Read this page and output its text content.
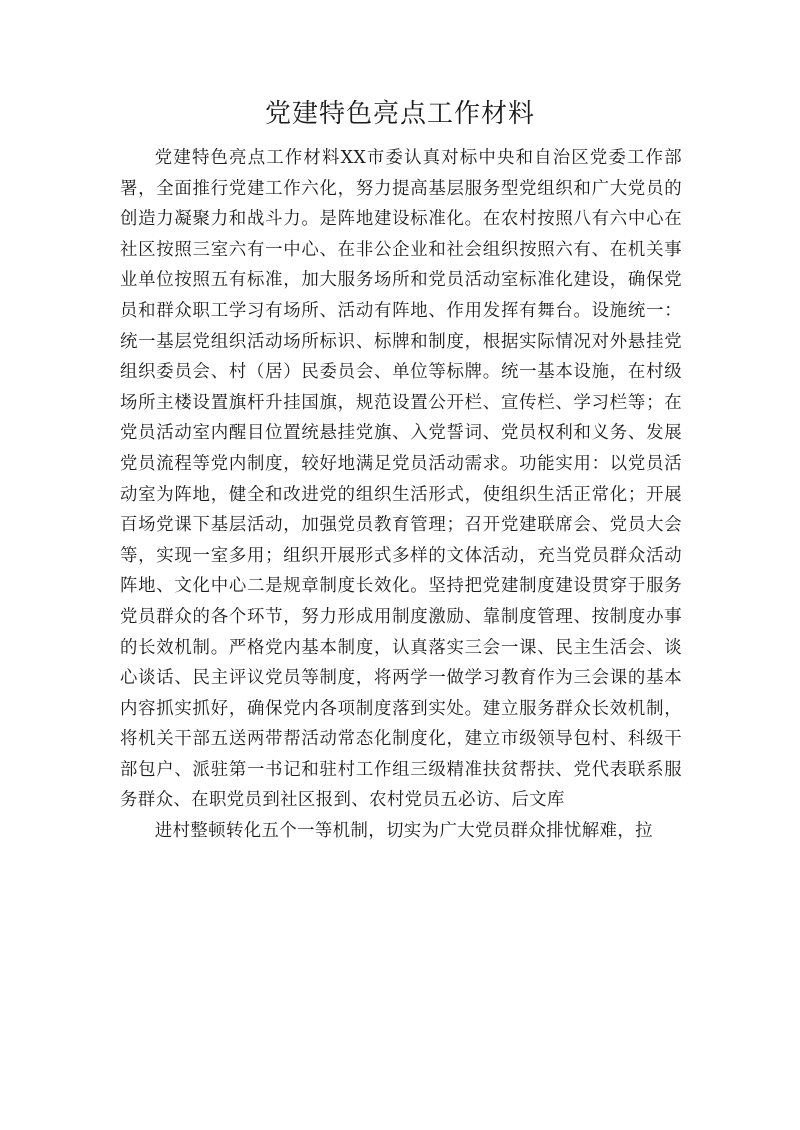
党建特色亮点工作材料

党建特色亮点工作材料XX市委认真对标中央和自治区党委工作部署，全面推行党建工作六化，努力提高基层服务型党组织和广大党员的创造力凝聚力和战斗力。是阵地建设标准化。在农村按照八有六中心在社区按照三室六有一中心、在非公企业和社会组织按照六有、在机关事业单位按照五有标准，加大服务场所和党员活动室标准化建设，确保党员和群众职工学习有场所、活动有阵地、作用发挥有舞台。设施统一：统一基层党组织活动场所标识、标牌和制度，根据实际情况对外悬挂党组织委员会、村（居）民委员会、单位等标牌。统一基本设施，在村级场所主楼设置旗杆升挂国旗，规范设置公开栏、宣传栏、学习栏等；在党员活动室内醒目位置统悬挂党旗、入党誓词、党员权利和义务、发展党员流程等党内制度，较好地满足党员活动需求。功能实用：以党员活动室为阵地，健全和改进党的组织生活形式，使组织生活正常化；开展百场党课下基层活动，加强党员教育管理；召开党建联席会、党员大会等，实现一室多用；组织开展形式多样的文体活动，充当党员群众活动阵地、文化中心二是规章制度长效化。坚持把党建制度建设贯穿于服务党员群众的各个环节，努力形成用制度激励、靠制度管理、按制度办事的长效机制。严格党内基本制度，认真落实三会一课、民主生活会、谈心谈话、民主评议党员等制度，将两学一做学习教育作为三会课的基本内容抓实抓好，确保党内各项制度落到实处。建立服务群众长效机制，将机关干部五送两带帮活动常态化制度化，建立市级领导包村、科级干部包户、派驻第一书记和驻村工作组三级精准扶贫帮扶、党代表联系服务群众、在职党员到社区报到、农村党员五必访、后文库

进村整顿转化五个一等机制，切实为广大党员群众排忧解难，拉
